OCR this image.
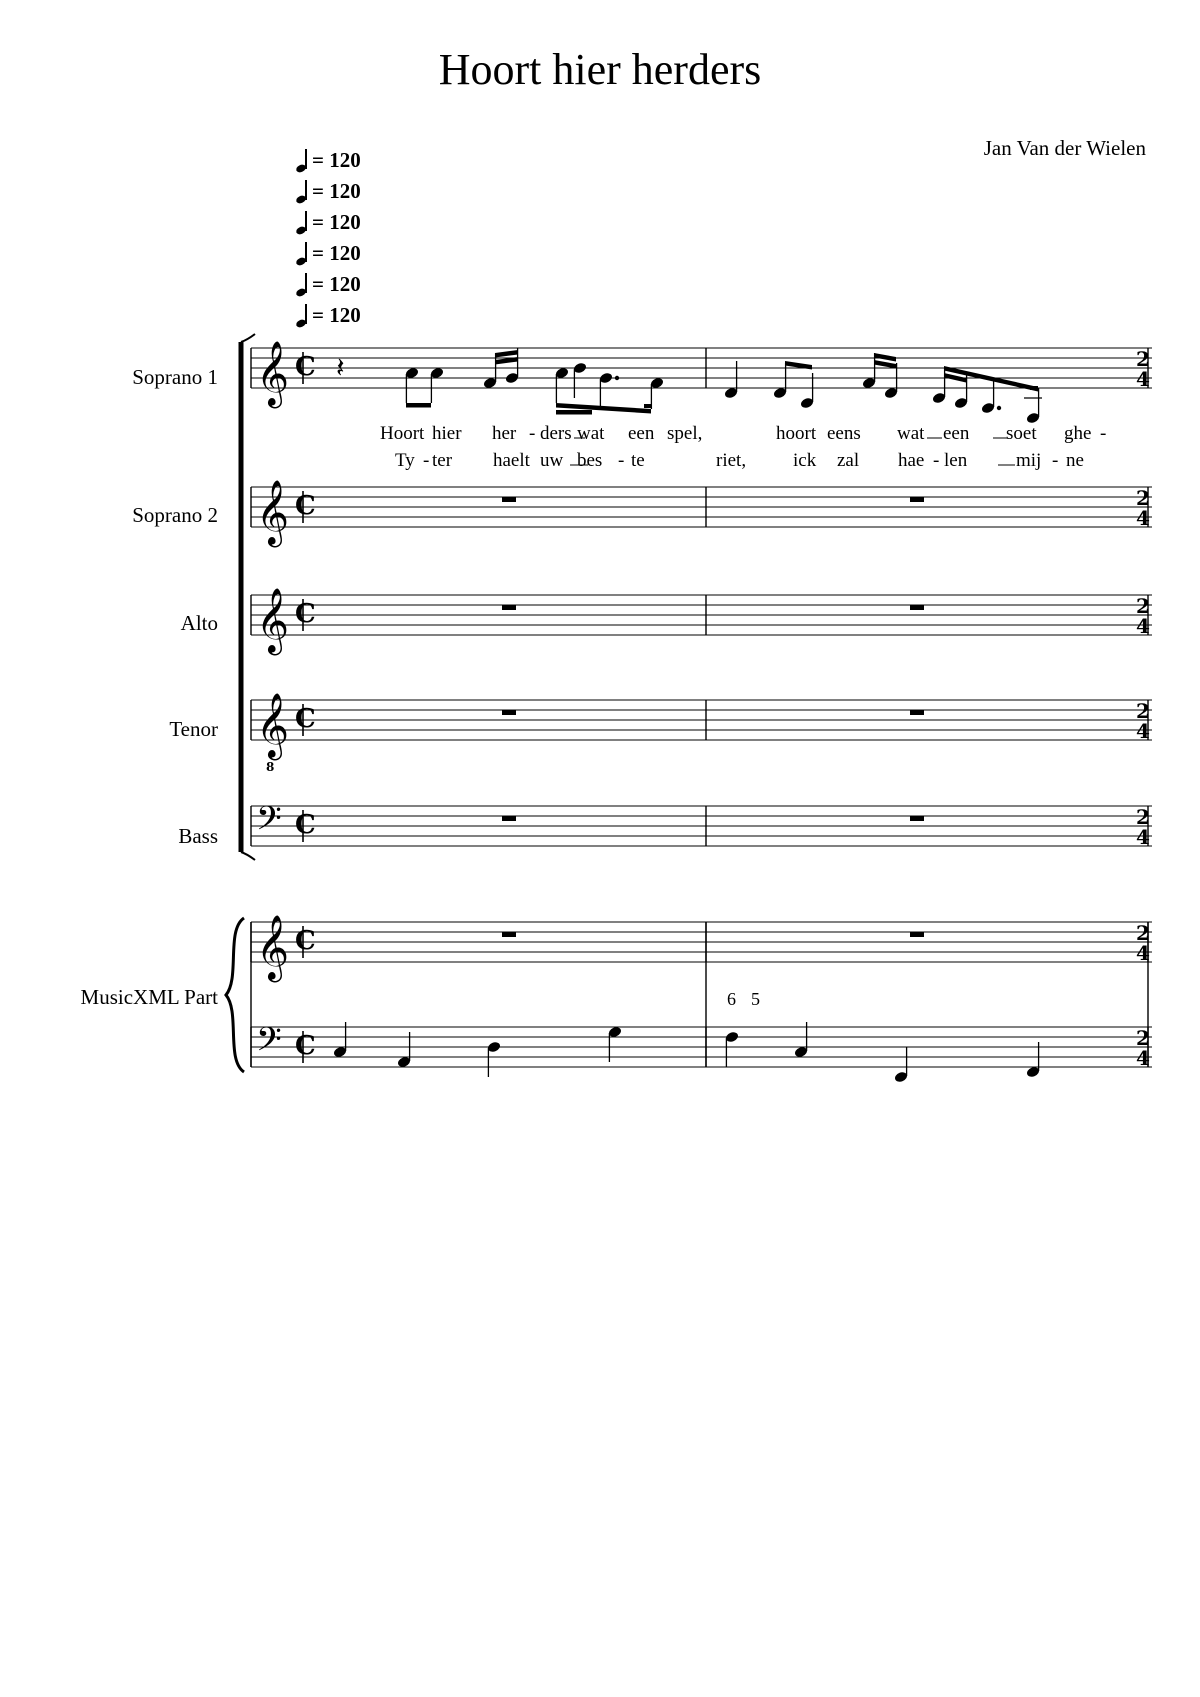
Hoort hier herders
Jan Van der Wielen
= 120
= 120
= 120
= 120
= 120
= 120
Soprano 1
Soprano 2
Alto
Tenor
Bass
MusicXML Part
𝄞
𝄞
𝄞
𝄞
𝄞
𝄢
𝄢
8
C	2
4
C	2
4
C	2
4
C	2
4
C	2
4
C	2
4
C	2
4
𝄽
6 5
Hoort hier her - ders wat een spel,	hoort eens wat een soet ghe -
Ty - ter haelt uw bes - te	riet, ick zal hae - len	mij - ne
